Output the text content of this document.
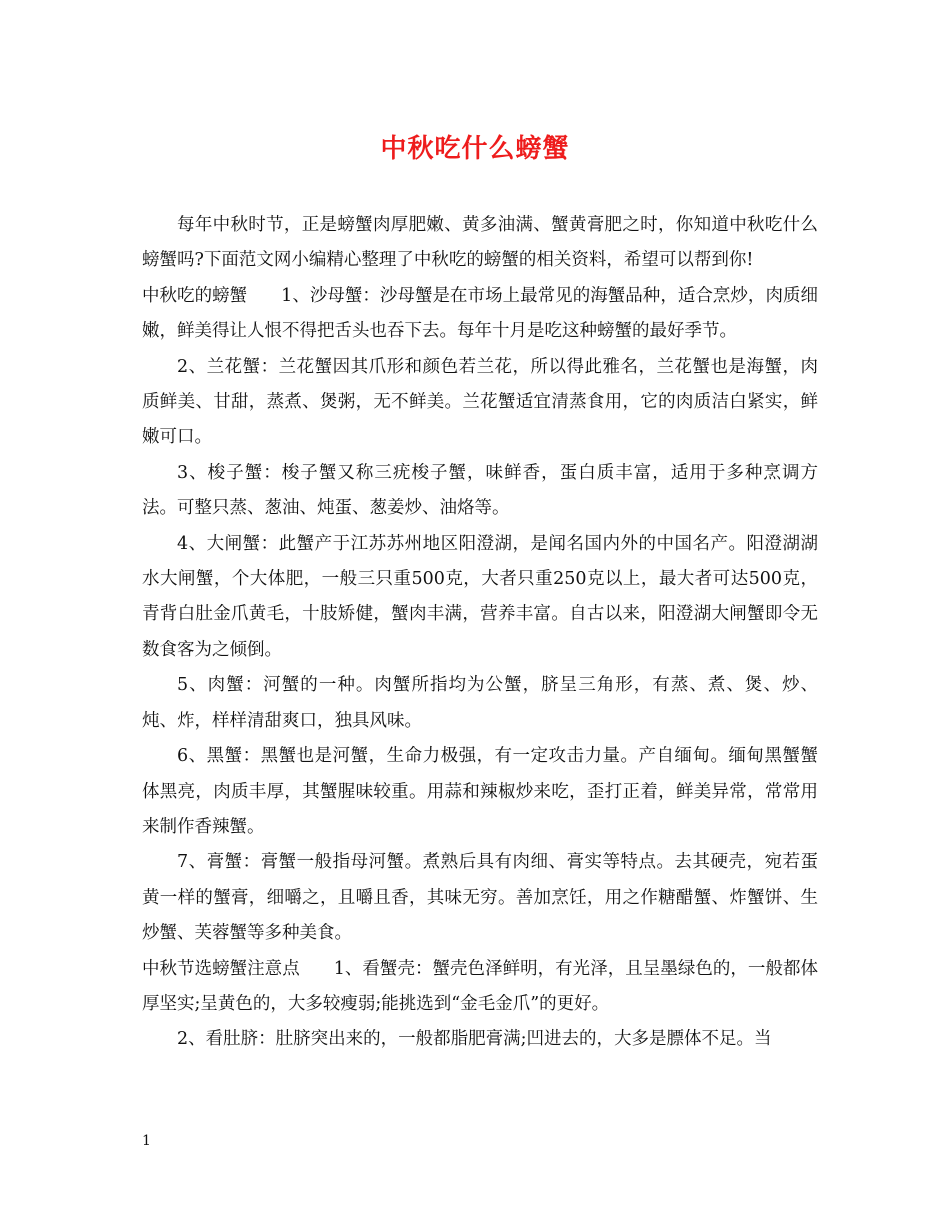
中秋吃什么螃蟹

每年中秋时节，正是螃蟹肉厚肥嫩、黄多油满、蟹黄膏肥之时，你知道中秋吃什么螃蟹吗?下面范文网小编精心整理了中秋吃的螃蟹的相关资料，希望可以帮到你!

中秋吃的螃蟹 1、沙母蟹：沙母蟹是在市场上最常见的海蟹品种，适合烹炒，肉质细嫩，鲜美得让人恨不得把舌头也吞下去。每年十月是吃这种螃蟹的最好季节。

2、兰花蟹：兰花蟹因其爪形和颜色若兰花，所以得此雅名，兰花蟹也是海蟹，肉质鲜美、甘甜，蒸煮、煲粥，无不鲜美。兰花蟹适宜清蒸食用，它的肉质洁白紧实，鲜嫩可口。

3、梭子蟹：梭子蟹又称三疣梭子蟹，味鲜香，蛋白质丰富，适用于多种烹调方法。可整只蒸、葱油、炖蛋、葱姜炒、油烙等。

4、大闸蟹：此蟹产于江苏苏州地区阳澄湖，是闻名国内外的中国名产。阳澄湖湖水大闸蟹，个大体肥，一般三只重500克，大者只重250克以上，最大者可达500克，青背白肚金爪黄毛，十肢矫健，蟹肉丰满，营养丰富。自古以来，阳澄湖大闸蟹即令无数食客为之倾倒。

5、肉蟹：河蟹的一种。肉蟹所指均为公蟹，脐呈三角形，有蒸、煮、煲、炒、炖、炸，样样清甜爽口，独具风味。

6、黑蟹：黑蟹也是河蟹，生命力极强，有一定攻击力量。产自缅甸。缅甸黑蟹蟹体黑亮，肉质丰厚，其蟹腥味较重。用蒜和辣椒炒来吃，歪打正着，鲜美异常，常常用来制作香辣蟹。

7、膏蟹：膏蟹一般指母河蟹。煮熟后具有肉细、膏实等特点。去其硬壳，宛若蛋黄一样的蟹膏，细嚼之，且嚼且香，其味无穷。善加烹饪，用之作糖醋蟹、炸蟹饼、生炒蟹、芙蓉蟹等多种美食。

中秋节选螃蟹注意点 1、看蟹壳：蟹壳色泽鲜明，有光泽，且呈墨绿色的，一般都体厚坚实;呈黄色的，大多较瘦弱;能挑选到“金毛金爪”的更好。

2、看肚脐：肚脐突出来的，一般都脂肥膏满;凹进去的，大多是膘体不足。当

1
